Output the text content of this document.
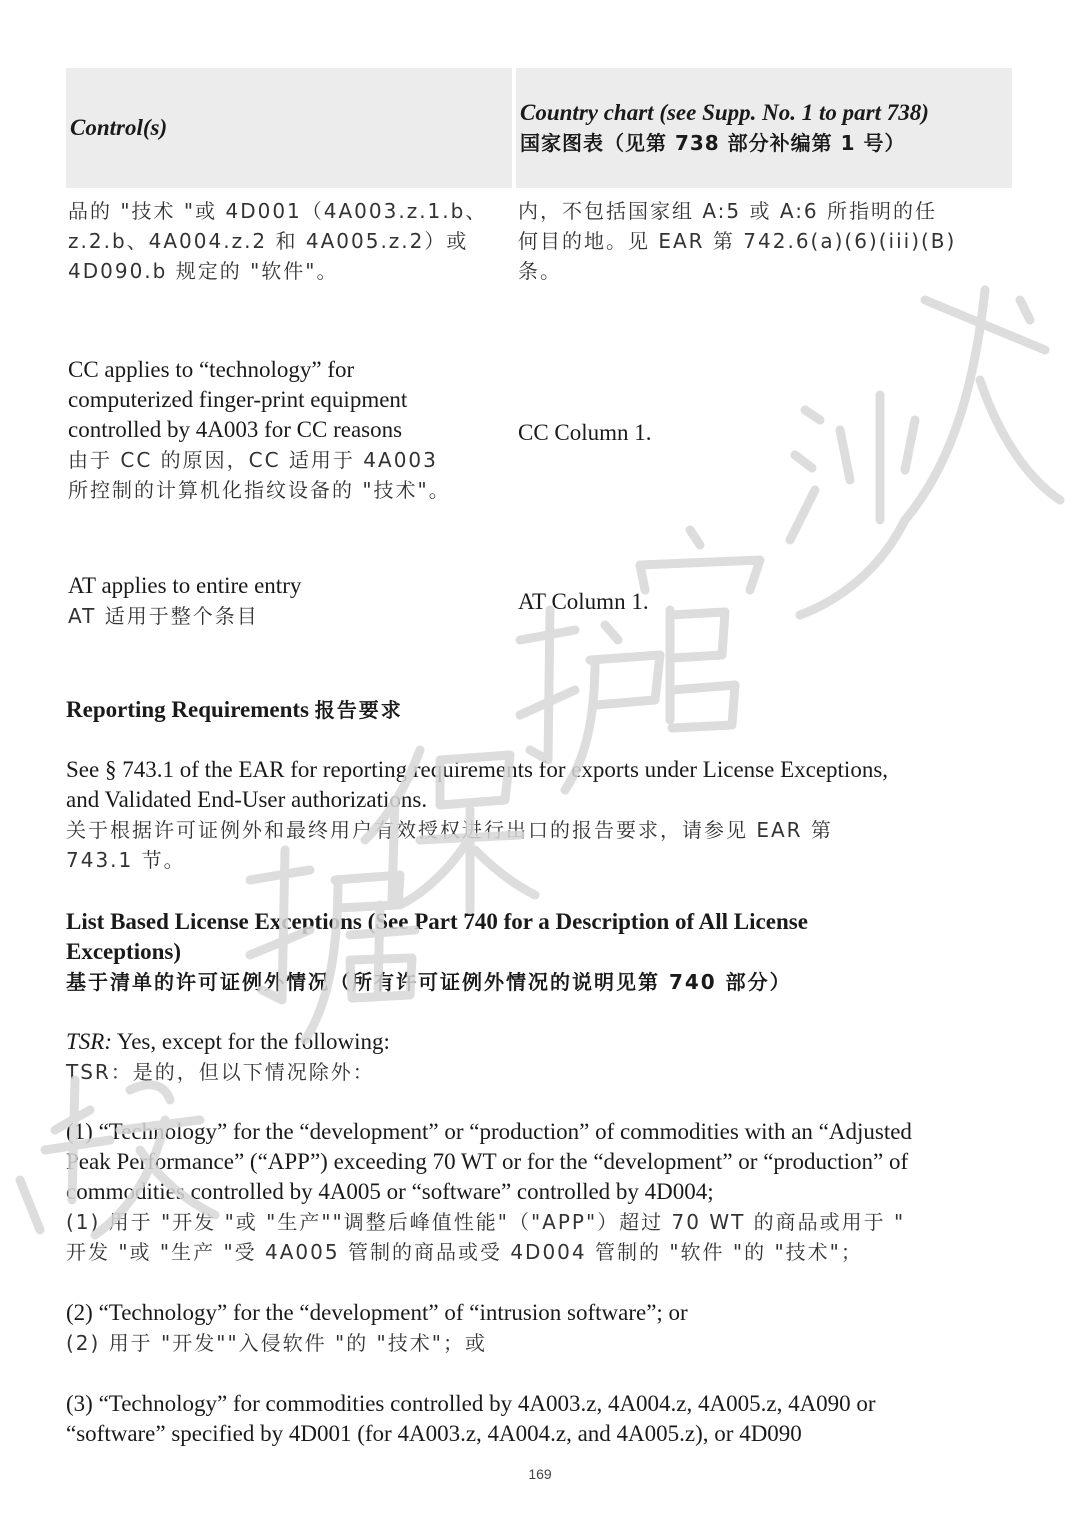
Control(s)
Country chart (see Supp. No. 1 to part 738)
国家图表（见第 738 部分补编第 1 号）
品的 "技术 "或 4D001（4A003.z.1.b、
z.2.b、4A004.z.2 和 4A005.z.2）或
4D090.b 规定的 "软件"。
内，不包括国家组 A:5 或 A:6 所指明的任
何目的地。见 EAR 第 742.6(a)(6)(iii)(B)
条。
CC applies to “technology” for
computerized finger-print equipment
controlled by 4A003 for CC reasons
由于 CC 的原因，CC 适用于 4A003
所控制的计算机化指纹设备的 "技术"。
CC Column 1.
AT applies to entire entry
AT 适用于整个条目
AT Column 1.
Reporting Requirements 报告要求
See § 743.1 of the EAR for reporting requirements for exports under License Exceptions,
and Validated End-User authorizations.
关于根据许可证例外和最终用户有效授权进行出口的报告要求，请参见 EAR 第
743.1 节。
List Based License Exceptions (See Part 740 for a Description of All License
Exceptions)
基于清单的许可证例外情况（所有许可证例外情况的说明见第 740 部分）
TSR: Yes, except for the following:
TSR：是的，但以下情况除外：
(1) “Technology” for the “development” or “production” of commodities with an “Adjusted
Peak Performance” (“APP”) exceeding 70 WT or for the “development” or “production” of
commodities controlled by 4A005 or “software” controlled by 4D004;
(1) 用于 "开发 "或 "生产""调整后峰值性能"（"APP"）超过 70 WT 的商品或用于 "
开发 "或 "生产 "受 4A005 管制的商品或受 4D004 管制的 "软件 "的 "技术"；
(2) “Technology” for the “development” of “intrusion software”; or
(2) 用于 "开发""入侵软件 "的 "技术"；或
(3) “Technology” for commodities controlled by 4A003.z, 4A004.z, 4A005.z, 4A090 or
“software” specified by 4D001 (for 4A003.z, 4A004.z, and 4A005.z), or 4D090
169
